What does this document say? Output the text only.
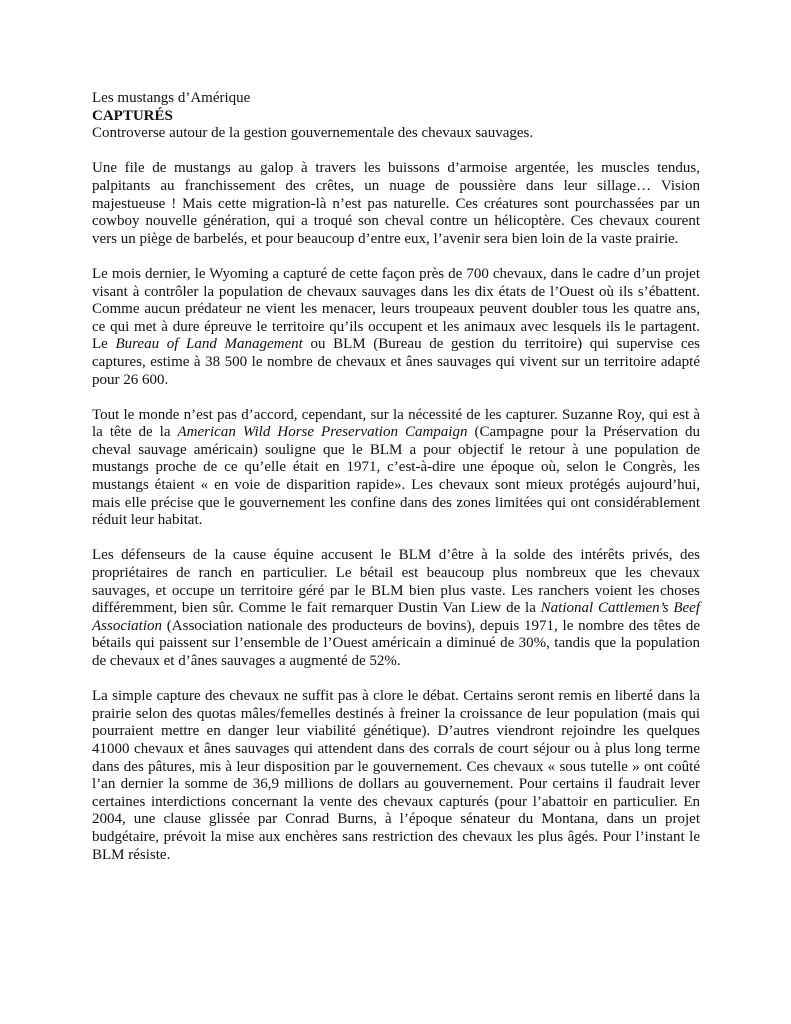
Les mustangs d’Amérique

CAPTURÉS

Controverse autour de la gestion gouvernementale des chevaux sauvages.

Une file de mustangs au galop à travers les buissons d’armoise argentée, les muscles tendus, palpitants au franchissement des crêtes, un nuage de poussière dans leur sillage… Vision majestueuse ! Mais cette migration-là n’est pas naturelle. Ces créatures sont pourchassées par un cowboy nouvelle génération, qui a troqué son cheval contre un hélicoptère. Ces chevaux courent vers un piège de barbelés, et pour beaucoup d’entre eux, l’avenir sera bien loin de la vaste prairie.

Le mois dernier, le Wyoming a capturé de cette façon près de 700 chevaux, dans le cadre d’un projet visant à contrôler la population de chevaux sauvages dans les dix états de l’Ouest où ils s’ébattent. Comme aucun prédateur ne vient les menacer, leurs troupeaux peuvent doubler tous les quatre ans, ce qui met à dure épreuve le territoire qu’ils occupent et les animaux avec lesquels ils le partagent. Le Bureau of Land Management ou BLM (Bureau de gestion du territoire) qui supervise ces captures, estime à 38 500 le nombre de chevaux et ânes sauvages qui vivent sur un territoire adapté pour 26 600.

Tout le monde n’est pas d’accord, cependant, sur la nécessité de les capturer. Suzanne Roy, qui est à la tête de la American Wild Horse Preservation Campaign (Campagne pour la Préservation du cheval sauvage américain) souligne que le BLM a pour objectif le retour à une population de mustangs proche de ce qu’elle était en 1971, c’est-à-dire une époque où, selon le Congrès, les mustangs étaient « en voie de disparition rapide». Les chevaux sont mieux protégés aujourd’hui, mais elle précise que le gouvernement les confine dans des zones limitées qui ont considérablement réduit leur habitat.

Les défenseurs de la cause équine accusent le BLM d’être à la solde des intérêts privés, des propriétaires de ranch en particulier. Le bétail est beaucoup plus nombreux que les chevaux sauvages, et occupe un territoire géré par le BLM bien plus vaste. Les ranchers voient les choses différemment, bien sûr. Comme le fait remarquer Dustin Van Liew de la National Cattlemen’s Beef Association (Association nationale des producteurs de bovins), depuis 1971, le nombre des têtes de bétails qui paissent sur l’ensemble de l’Ouest américain a diminué de 30%, tandis que la population de chevaux et d’ânes sauvages a augmenté de 52%.

La simple capture des chevaux ne suffit pas à clore le débat. Certains seront remis en liberté dans la prairie selon des quotas mâles/femelles destinés à freiner la croissance de leur population (mais qui pourraient mettre en danger leur viabilité génétique). D’autres viendront rejoindre les quelques 41000 chevaux et ânes sauvages qui attendent dans des corrals de court séjour ou à plus long terme dans des pâtures, mis à leur disposition par le gouvernement. Ces chevaux « sous tutelle » ont coûté l’an dernier la somme de 36,9 millions de dollars au gouvernement. Pour certains il faudrait lever certaines interdictions concernant la vente des chevaux capturés (pour l’abattoir en particulier. En 2004, une clause glissée par Conrad Burns, à l’époque sénateur du Montana, dans un projet budgétaire, prévoit la mise aux enchères sans restriction des chevaux les plus âgés. Pour l’instant le BLM résiste.
